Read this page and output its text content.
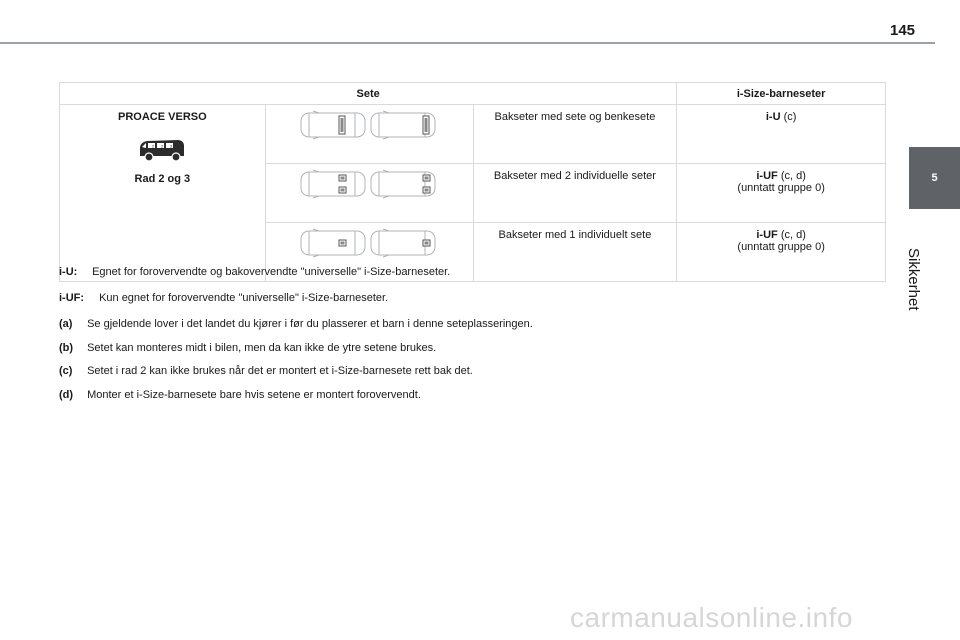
145
5
Sikkerhet
Sete			i-Size-barneseter

PROACE VERSO
2 2 3
Rad 2 og 3		Bakseter med sete og benkesete	i-U (c)
	Bakseter med 2 individuelle seter	i-UF (c, d)
(unntatt gruppe 0)

	Bakseter med 1 individuelt sete	i-UF (c, d)
(unntatt gruppe 0)
i-U: Egnet for forovervendte og bakovervendte "universelle" i-Size-barneseter.
i-UF: Kun egnet for forovervendte "universelle" i-Size-barneseter.
(a) Se gjeldende lover i det landet du kjører i før du plasserer et barn i denne seteplasseringen.
(b) Setet kan monteres midt i bilen, men da kan ikke de ytre setene brukes.
(c) Setet i rad 2 kan ikke brukes når det er montert et i-Size-barnesete rett bak det.
(d) Monter et i-Size-barnesete bare hvis setene er montert forovervendt.
carmanualsonline.info
